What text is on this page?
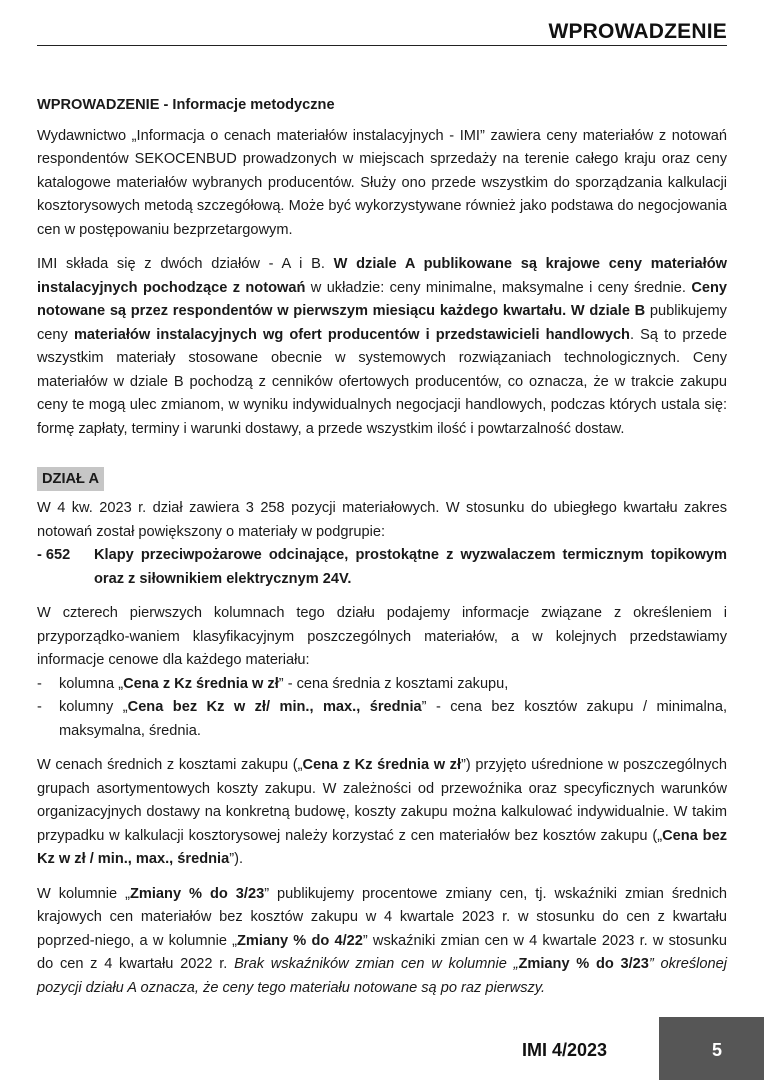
WPROWADZENIE
WPROWADZENIE - Informacje metodyczne

Wydawnictwo „Informacja o cenach materiałów instalacyjnych - IMI” zawiera ceny materiałów z notowań respondentów SEKOCENBUD prowadzonych w miejscach sprzedaży na terenie całego kraju oraz ceny katalogowe materiałów wybranych producentów. Służy ono przede wszystkim do sporządzania kalkulacji kosztorysowych metodą szczegółową. Może być wykorzystywane również jako podstawa do negocjowania cen w postępowaniu bezprzetargowym.

IMI składa się z dwóch działów - A i B. W dziale A publikowane są krajowe ceny materiałów instalacyjnych pochodzące z notowań w układzie: ceny minimalne, maksymalne i ceny średnie. Ceny notowane są przez respondentów w pierwszym miesiącu każdego kwartału. W dziale B publikujemy ceny materiałów instalacyjnych wg ofert producentów i przedstawicieli handlowych. Są to przede wszystkim materiały stosowane obecnie w systemowych rozwiązaniach technologicznych. Ceny materiałów w dziale B pochodzą z cenników ofertowych producentów, co oznacza, że w trakcie zakupu ceny te mogą ulec zmianom, w wyniku indywidualnych negocjacji handlowych, podczas których ustala się: formę zapłaty, terminy i warunki dostawy, a przede wszystkim ilość i powtarzalność dostaw.

DZIAŁ A

W 4 kw. 2023 r. dział zawiera 3 258 pozycji materiałowych. W stosunku do ubiegłego kwartału zakres notowań został powiększony o materiały w podgrupie:

- 652	Klapy przeciwpożarowe odcinające, prostokątne z wyzwalaczem termicznym topikowym oraz z siłownikiem elektrycznym 24V.

W czterech pierwszych kolumnach tego działu podajemy informacje związane z określeniem i przyporządko-waniem klasyfikacyjnym poszczególnych materiałów, a w kolejnych przedstawiamy informacje cenowe dla każdego materiału:

-	kolumna „Cena z Kz średnia w zł” - cena średnia z kosztami zakupu,
-	kolumny „Cena bez Kz w zł/ min., max., średnia” - cena bez kosztów zakupu / minimalna, maksymalna, średnia.

W cenach średnich z kosztami zakupu („Cena z Kz średnia w zł”) przyjęto uśrednione w poszczególnych grupach asortymentowych koszty zakupu. W zależności od przewoźnika oraz specyficznych warunków organizacyjnych dostawy na konkretną budowę, koszty zakupu można kalkulować indywidualnie. W takim przypadku w kalkulacji kosztorysowej należy korzystać z cen materiałów bez kosztów zakupu („Cena bez Kz w zł / min., max., średnia”).

W kolumnie „Zmiany % do 3/23” publikujemy procentowe zmiany cen, tj. wskaźniki zmian średnich krajowych cen materiałów bez kosztów zakupu w 4 kwartale 2023 r. w stosunku do cen z kwartału poprzed-niego, a w kolumnie „Zmiany % do 4/22” wskaźniki zmian cen w 4 kwartale 2023 r. w stosunku do cen z 4 kwartału 2022 r. Brak wskaźników zmian cen w kolumnie „Zmiany % do 3/23” określonej pozycji działu A oznacza, że ceny tego materiału notowane są po raz pierwszy.

IMI 4/2023	5
